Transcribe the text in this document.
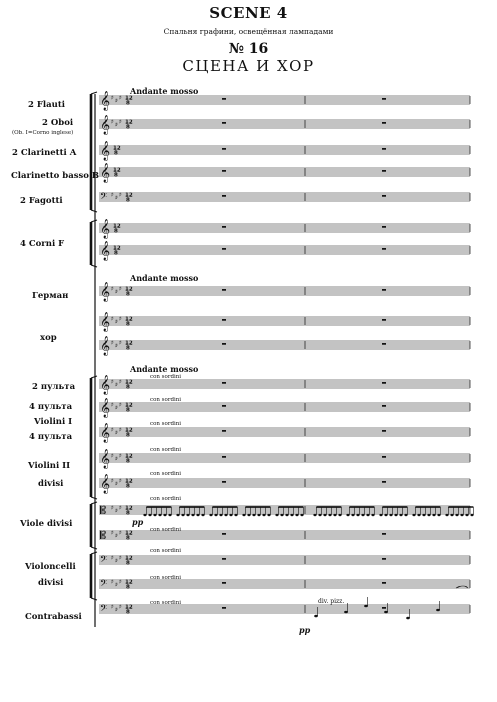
SCENE 4
Спальня графини, освещённая лампадами
№ 16
СЦЕНА И ХОР
2 Flauti
2 Oboi
(Ob. I=Corno inglese)
2 Clarinetti A
Clarinetto basso B
2 Fagotti
4 Corni F
Герман
хор
2 пульта
4 пульта
Violini I
4 пульта
Violini II
divisi
Viole divisi
Violoncelli
divisi
Contrabassi
Andante mosso
Andante mosso
Andante mosso
con sordini
con sordini
con sordini
con sordini
con sordini
con sordini
con sordini
con sordini
con sordini
con sordini
pp
pp
div. pizz.
𝄞 ♯ ♯ ♯ 12
8
𝄞 ♯ ♯ ♯ 12
8
𝄞 12
8
𝄞 12
8
𝄢 ♯ ♯ ♯ 12
8
𝄞 12
8
𝄞 12
8
𝄞 ♯ ♯ ♯ 12
8
𝄞 ♯ ♯ ♯ 12
8
𝄞 ♯ ♯ ♯ 12
8
𝄞 ♯ ♯ ♯ 12
8
𝄞 ♯ ♯ ♯ 12
8
𝄞 ♯ ♯ ♯ 12
8
𝄞 ♯ ♯ ♯ 12
8
𝄞 ♯ ♯ ♯ 12
8
𝄡 ♯ ♯ ♯ 12
8
𝄡 ♯ ♯ ♯ 12
8
𝄢 ♯ ♯ ♯ 12
8
𝄢 ♯ ♯ ♯ 12
8
𝄢 ♯ ♯ ♯ 12
8
